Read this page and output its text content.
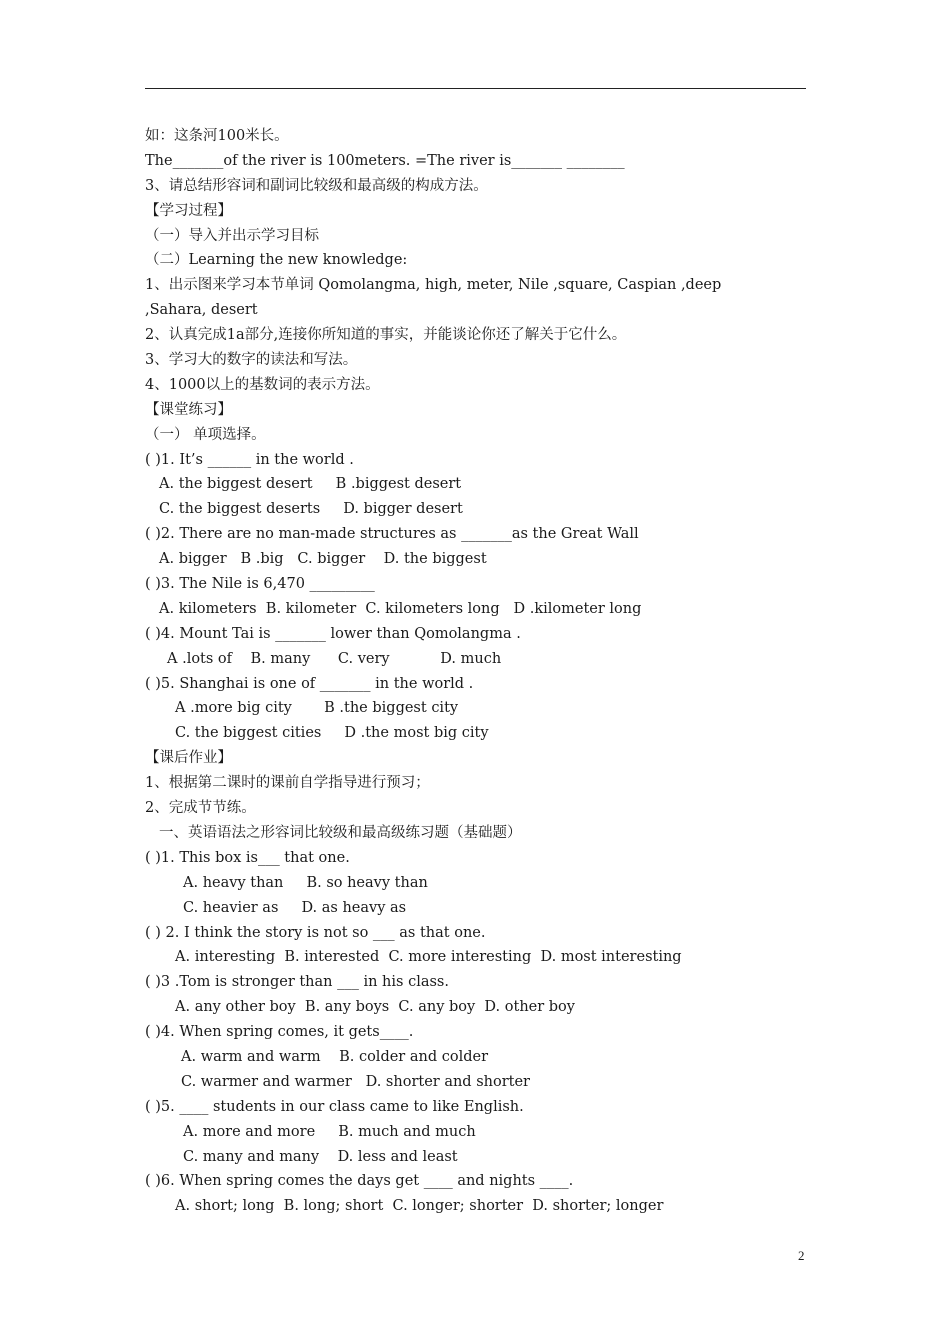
如：这条河100米长。
The_______of the river is 100meters. =The river is_______ ________
3、请总结形容词和副词比较级和最高级的构成方法。
【学习过程】
（一）导入并出示学习目标
（二）Learning the new knowledge:
1、出示图来学习本节单词 Qomolangma, high, meter, Nile ,square, Caspian ,deep
,Sahara, desert
2、认真完成1a部分,连接你所知道的事实，并能谈论你还了解关于它什么。
3、学习大的数字的读法和写法。
4、1000以上的基数词的表示方法。
【课堂练习】
（一） 单项选择。
( )1. It’s ______ in the world .
A. the biggest desert     B .biggest desert
C. the biggest deserts     D. bigger desert
( )2. There are no man-made structures as _______as the Great Wall
A. bigger   B .big   C. bigger    D. the biggest
( )3. The Nile is 6,470 _________
A. kilometers  B. kilometer  C. kilometers long   D .kilometer long
( )4. Mount Tai is _______ lower than Qomolangma .
A .lots of    B. many      C. very           D. much
( )5. Shanghai is one of _______ in the world .
A .more big city       B .the biggest city
C. the biggest cities     D .the most big city
【课后作业】
1、根据第二课时的课前自学指导进行预习；
2、完成节节练。
一、英语语法之形容词比较级和最高级练习题（基础题）
( )1. This box is___ that one.
A. heavy than     B. so heavy than
C. heavier as     D. as heavy as
( ) 2. I think the story is not so ___ as that one.
A. interesting  B. interested  C. more interesting  D. most interesting
( )3 .Tom is stronger than ___ in his class.
A. any other boy  B. any boys  C. any boy  D. other boy
( )4. When spring comes, it gets____.
A. warm and warm    B. colder and colder
C. warmer and warmer   D. shorter and shorter
( )5. ____ students in our class came to like English.
A. more and more     B. much and much
C. many and many    D. less and least
( )6. When spring comes the days get ____ and nights ____.
A. short; long  B. long; short  C. longer; shorter  D. shorter; longer
2
